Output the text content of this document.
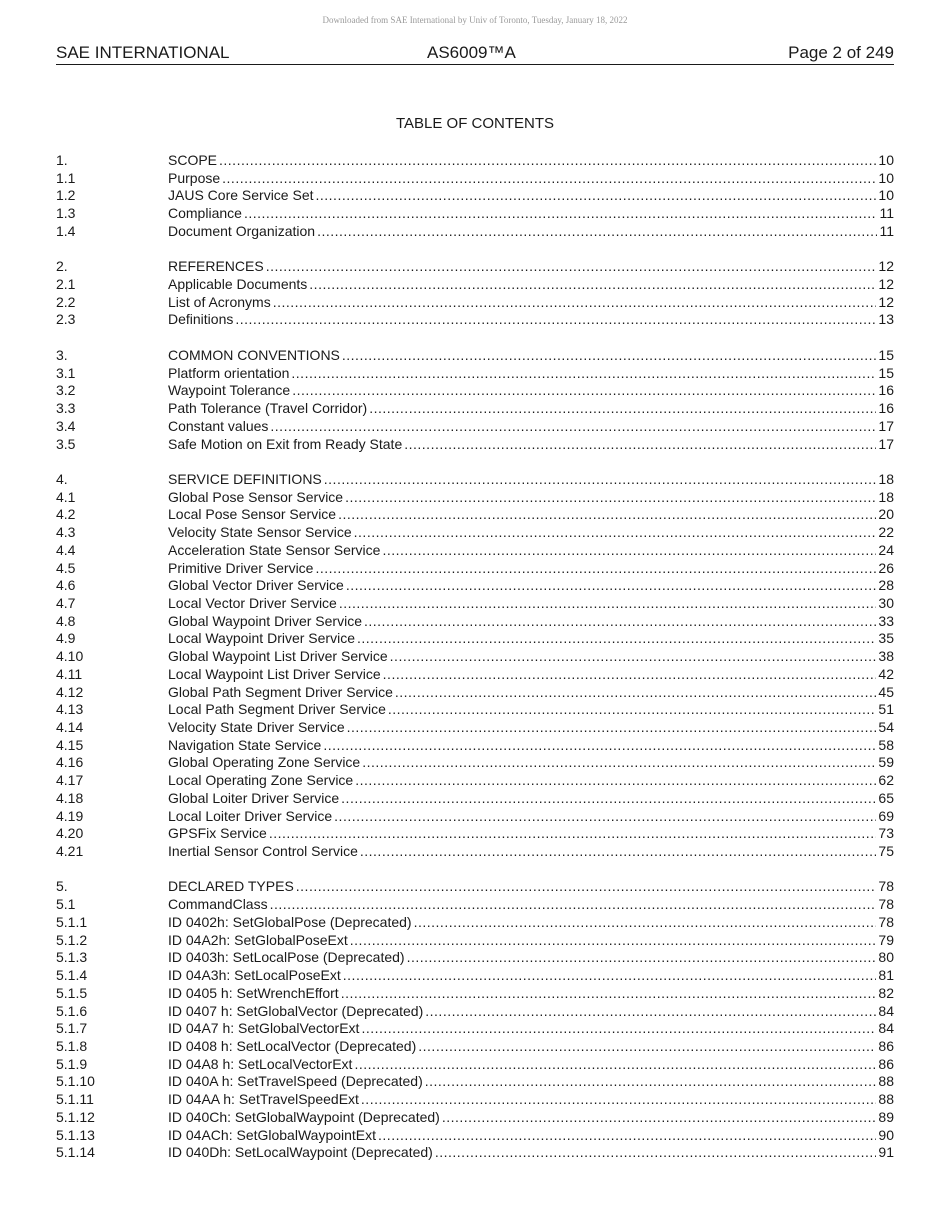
Downloaded from SAE International by Univ of Toronto, Tuesday, January 18, 2022
SAE INTERNATIONAL	AS6009™A	Page 2 of 249
TABLE OF CONTENTS
1.	SCOPE .....	10
1.1	Purpose .....	10
1.2	JAUS Core Service Set .....	10
1.3	Compliance .....	11
1.4	Document Organization .....	11
2.	REFERENCES .....	12
2.1	Applicable Documents .....	12
2.2	List of Acronyms .....	12
2.3	Definitions .....	13
3.	COMMON CONVENTIONS .....	15
3.1	Platform orientation .....	15
3.2	Waypoint Tolerance .....	16
3.3	Path Tolerance (Travel Corridor) .....	16
3.4	Constant values .....	17
3.5	Safe Motion on Exit from Ready State .....	17
4.	SERVICE DEFINITIONS .....	18
4.1	Global Pose Sensor Service .....	18
4.2	Local Pose Sensor Service .....	20
4.3	Velocity State Sensor Service .....	22
4.4	Acceleration State Sensor Service .....	24
4.5	Primitive Driver Service .....	26
4.6	Global Vector Driver Service .....	28
4.7	Local Vector Driver Service .....	30
4.8	Global Waypoint Driver Service .....	33
4.9	Local Waypoint Driver Service .....	35
4.10	Global Waypoint List Driver Service .....	38
4.11	Local Waypoint List Driver Service .....	42
4.12	Global Path Segment Driver Service .....	45
4.13	Local Path Segment Driver Service .....	51
4.14	Velocity State Driver Service .....	54
4.15	Navigation State Service .....	58
4.16	Global Operating Zone Service .....	59
4.17	Local Operating Zone Service .....	62
4.18	Global Loiter Driver Service .....	65
4.19	Local Loiter Driver Service .....	69
4.20	GPSFix Service .....	73
4.21	Inertial Sensor Control Service .....	75
5.	DECLARED TYPES .....	78
5.1	CommandClass .....	78
5.1.1	ID 0402h: SetGlobalPose (Deprecated) .....	78
5.1.2	ID 04A2h: SetGlobalPoseExt .....	79
5.1.3	ID 0403h: SetLocalPose (Deprecated) .....	80
5.1.4	ID 04A3h: SetLocalPoseExt .....	81
5.1.5	ID 0405 h: SetWrenchEffort .....	82
5.1.6	ID 0407 h: SetGlobalVector (Deprecated) .....	84
5.1.7	ID 04A7 h: SetGlobalVectorExt .....	84
5.1.8	ID 0408 h: SetLocalVector (Deprecated) .....	86
5.1.9	ID 04A8 h: SetLocalVectorExt .....	86
5.1.10	ID 040A h: SetTravelSpeed (Deprecated) .....	88
5.1.11	ID 04AA h: SetTravelSpeedExt .....	88
5.1.12	ID 040Ch: SetGlobalWaypoint (Deprecated) .....	89
5.1.13	ID 04ACh: SetGlobalWaypointExt .....	90
5.1.14	ID 040Dh: SetLocalWaypoint (Deprecated) .....	91
